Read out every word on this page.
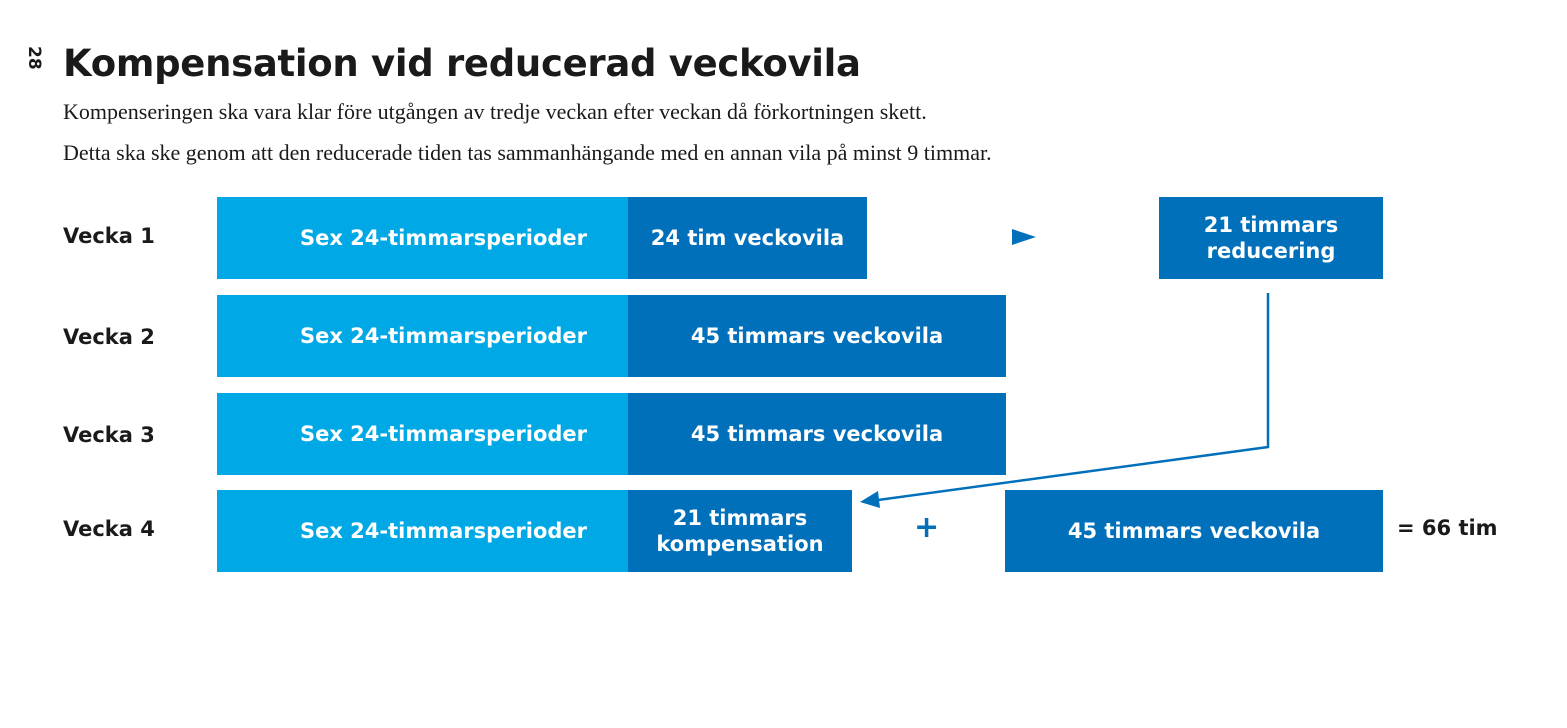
28 Kompensation vid reducerad veckovila

Kompenseringen ska vara klar före utgången av tredje veckan efter veckan då förkortningen skett.

Detta ska ske genom att den reducerade tiden tas sammanhängande med en annan vila på minst 9 timmar.

Vecka 1	Sex 24-timmarsperioder	24 tim veckovila
21 timmars reducering
Vecka 2	Sex 24-timmarsperioder	45 timmars veckovila
Vecka 3	Sex 24-timmarsperioder	45 timmars veckovila
Vecka 4	Sex 24-timmarsperioder
21 timmars kompensation	+	45 timmars veckovila	= 66 tim
